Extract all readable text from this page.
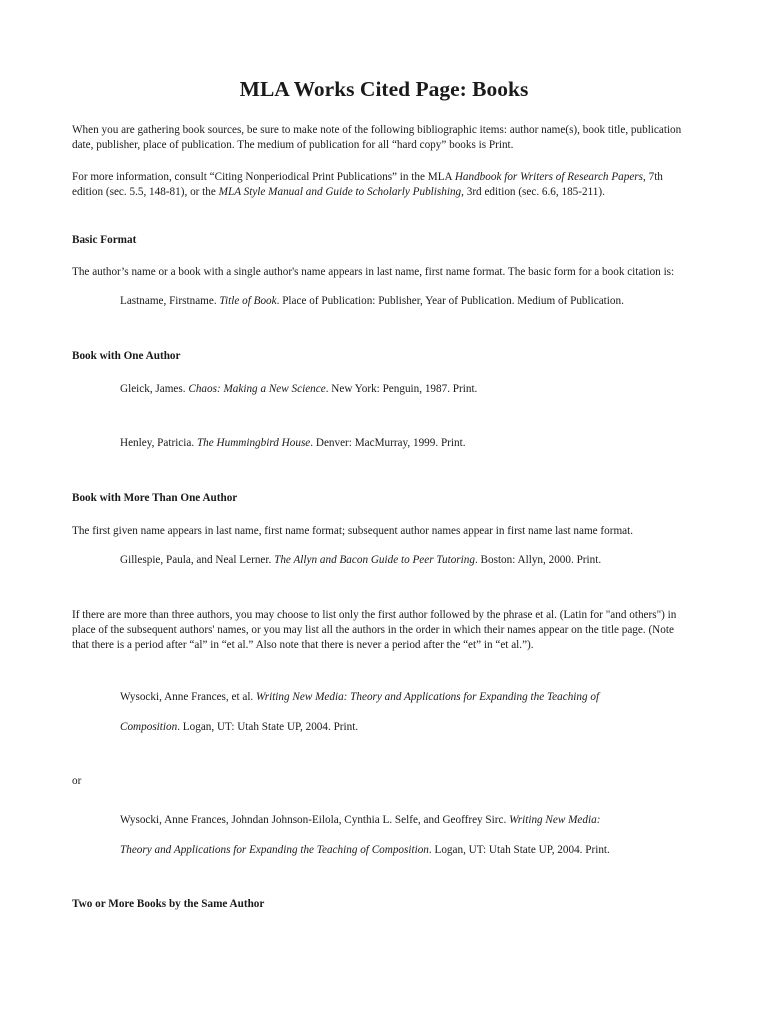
MLA Works Cited Page: Books

When you are gathering book sources, be sure to make note of the following bibliographic items: author name(s), book title, publication date, publisher, place of publication. The medium of publication for all “hard copy” books is Print.

For more information, consult “Citing Nonperiodical Print Publications” in the MLA Handbook for Writers of Research Papers, 7th edition (sec. 5.5, 148-81), or the MLA Style Manual and Guide to Scholarly Publishing, 3rd edition (sec. 6.6, 185-211).

Basic Format

The author’s name or a book with a single author's name appears in last name, first name format. The basic form for a book citation is:

Lastname, Firstname. Title of Book. Place of Publication: Publisher, Year of Publication. Medium of Publication.

Book with One Author

Gleick, James. Chaos: Making a New Science. New York: Penguin, 1987. Print.

Henley, Patricia. The Hummingbird House. Denver: MacMurray, 1999. Print.

Book with More Than One Author

The first given name appears in last name, first name format; subsequent author names appear in first name last name format.

Gillespie, Paula, and Neal Lerner. The Allyn and Bacon Guide to Peer Tutoring. Boston: Allyn, 2000. Print.

If there are more than three authors, you may choose to list only the first author followed by the phrase et al. (Latin for "and others") in place of the subsequent authors' names, or you may list all the authors in the order in which their names appear on the title page. (Note that there is a period after “al” in “et al.” Also note that there is never a period after the “et” in “et al.”).

Wysocki, Anne Frances, et al. Writing New Media: Theory and Applications for Expanding the Teaching of

Composition. Logan, UT: Utah State UP, 2004. Print.

or

Wysocki, Anne Frances, Johndan Johnson-Eilola, Cynthia L. Selfe, and Geoffrey Sirc. Writing New Media:

Theory and Applications for Expanding the Teaching of Composition. Logan, UT: Utah State UP, 2004. Print.

Two or More Books by the Same Author
